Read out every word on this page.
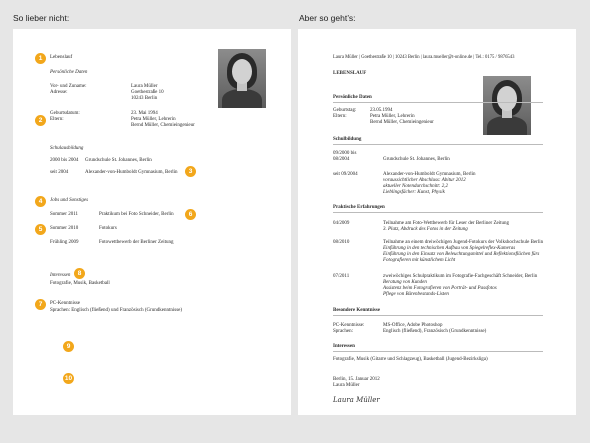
So lieber nicht:	Aber so geht’s:
1	Lebenslauf
Persönliche Daten
Vor- und Zuname:	Laura Müller
Adresse:	Goethestraße 10
10243 Berlin
2
Geburtsdatum:	23. Mai 1994
Eltern:	Petra Müller, Lehrerin
Bernd Müller, Chemieingenieur
Schulausbildung
2000 bis 2004 Grundschule St. Johannes, Berlin
seit 2004	Alexander-von-Humboldt Gymnasium, Berlin	3
4	Jobs und Sonstiges
Sommer 2011	Praktikum bei Foto Schneider, Berlin	6
5	Sommer 2010	Fotokurs
Frühling 2009	Fotowettbewerb der Berliner Zeitung
8
Interessen
Fotografie, Musik, Basketball
7	PC-Kenntnisse
Sprachen: Englisch (fließend) und Französisch (Grundkenntnisse)
9
10
Laura Müller | Goethestraße 10 | 10243 Berlin | laura.mueller@t-online.de | Tel.: 0175 / 9876543
LEBENSLAUF
Persönliche Daten
Geburtstag:	23.05.1994
Eltern:	Petra Müller, Lehrerin
Bernd Müller, Chemieingenieur
Schulbildung
09/2000 bis
08/2004	Grundschule St. Johannes, Berlin
seit 09/2004	Alexander-von-Humboldt Gymnasium, Berlin
voraussichtlicher Abschluss: Abitur 2012
aktueller Notendurchschnitt: 2,2
Lieblingsfächer: Kunst, Physik
Praktische Erfahrungen
04/2009	Teilnahme am Foto-Wettbewerb für Leser der Berliner Zeitung
3. Platz, Abdruck des Fotos in der Zeitung
08/2010	Teilnahme an einem dreiwöchigen Jugend-Fotokurs der Volkshochschule Berlin
Einführung in den technischen Aufbau von Spiegelreflex-Kameras
Einführung in den Einsatz von Beleuchtungsmittel und Reflektionsflächen fürs
Fotografieren mit künstlichem Licht
07/2011	zweiwöchiges Schulpraktikum im Fotografie-Fachgeschäft Schneider, Berlin
Beratung von Kunden
Assistenz beim Fotografieren von Porträt- und Passfotos
Pflege von Bärenbestands-Listen
Besondere Kenntnisse
PC-Kenntnisse:	MS-Office, Adobe Photoshop
Sprachen:	Englisch (fließend), Französisch (Grundkenntnisse)
Interessen
Fotografie, Musik (Gitarre und Schlagzeug), Basketball (Jugend-Bezirksliga)
Berlin, 15. Januar 2012
Laura Müller
Laura Müller
